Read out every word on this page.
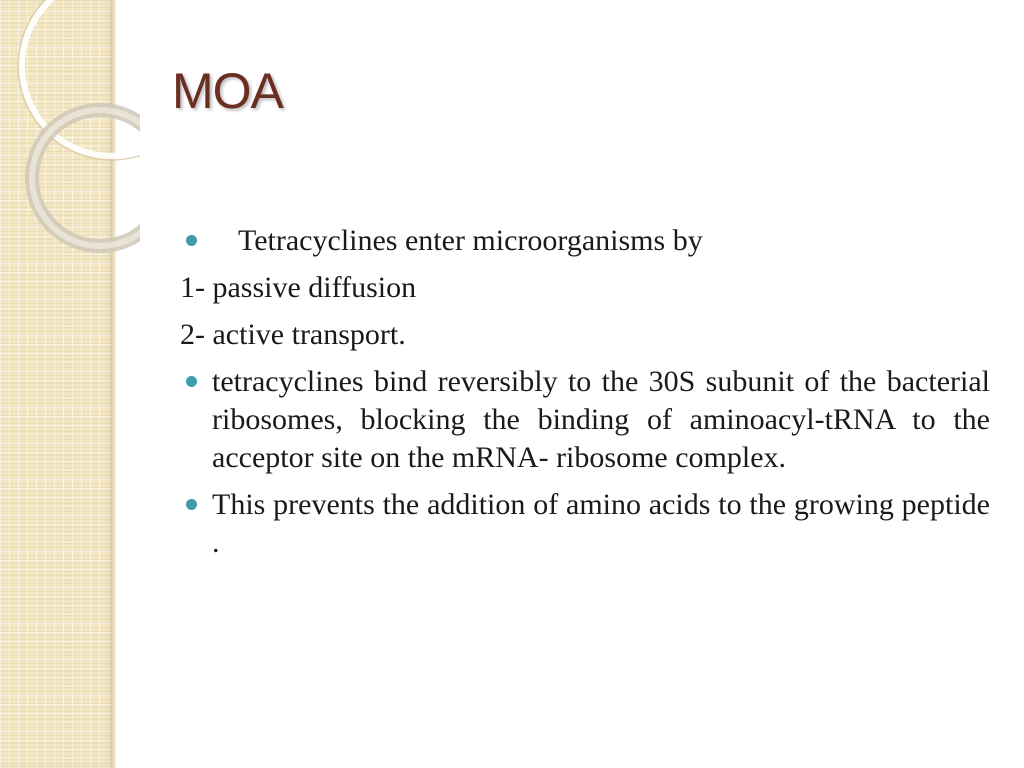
MOA
Tetracyclines enter microorganisms by
1- passive diffusion
2- active transport.
tetracyclines bind reversibly to the 30S subunit of the bacterial ribosomes, blocking the binding of aminoacyl-tRNA to the acceptor site on the mRNA- ribosome complex.
This prevents the addition of amino acids to the growing peptide .
